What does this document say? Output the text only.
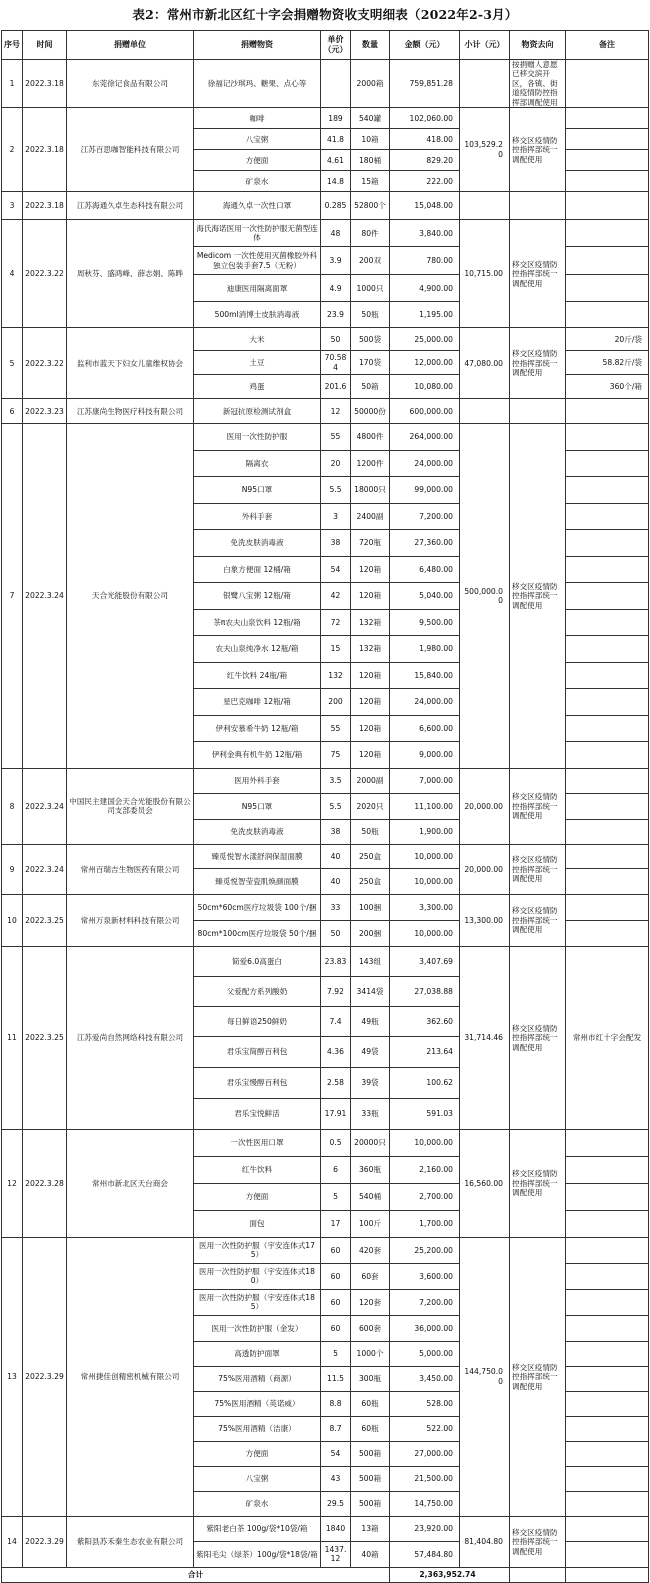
表2：常州市新北区红十字会捐赠物资收支明细表（2022年2-3月）
序号	时间	捐赠单位	捐赠物资	单价（元）	数量	金额（元）	小计（元）	物资去向	备注
1	2022.3.18	东莞徐记食品有限公司	徐福记沙琪玛、糖果、点心等		2000箱	759,851.28		按捐赠人意愿已移交滨开区，各镇、街道疫情防控指挥部调配使用	
2	2022.3.18	江苏百思咖智能科技有限公司	咖啡	189	540罐	102,060.00	103,529.20	移交区疫情防控指挥部统一调配使用	
			八宝粥	41.8	10箱	418.00			
			方便面	4.61	180桶	829.20			
			矿泉水	14.8	15箱	222.00			
3	2022.3.18	江苏海通久卓生态科技有限公司	海通久卓一次性口罩	0.285	52800个	15,048.00			
4	2022.3.22	周秋芬、盛鸿峰、薛志娟、陈晔	海氏海诺医用一次性防护服无菌型连体	48	80件	3,840.00	10,715.00	移交区疫情防控指挥部统一调配使用	
			Medicom 一次性使用灭菌橡胶外科独立包装手套7.5（无粉）	3.9	200双	780.00			
			迪康医用隔离面罩	4.9	1000只	4,900.00			
			500ml消博士皮肤消毒液	23.9	50瓶	1,195.00			
5	2022.3.22	监利市蓝天下妇女儿童维权协会	大米	50	500袋	25,000.00	47,080.00	移交区疫情防控指挥部统一调配使用	20斤/袋
			土豆	70.584	170袋	12,000.00			58.82斤/袋
			鸡蛋	201.6	50箱	10,080.00			360个/箱
6	2022.3.23	江苏康尚生物医疗科技有限公司	新冠抗原检测试剂盒	12	50000份	600,000.00			
7	2022.3.24	天合光能股份有限公司	医用一次性防护服	55	4800件	264,000.00	500,000.00	移交区疫情防控指挥部统一调配使用	
			隔离衣	20	1200件	24,000.00			
			N95口罩	5.5	18000只	99,000.00			
			外科手套	3	2400副	7,200.00			
			免洗皮肤消毒液	38	720瓶	27,360.00			
			白象方便面 12桶/箱	54	120箱	6,480.00			
			银鹭八宝粥 12瓶/箱	42	120箱	5,040.00			
			茶π农夫山泉饮料 12瓶/箱	72	132箱	9,500.00			
			农夫山泉纯净水 12瓶/箱	15	132箱	1,980.00			
			红牛饮料 24瓶/箱	132	120箱	15,840.00			
			星巴克咖啡 12瓶/箱	200	120箱	24,000.00			
			伊利安慕希牛奶 12瓶/箱	55	120箱	6,600.00			
			伊利金典有机牛奶 12瓶/箱	75	120箱	9,000.00			
8	2022.3.24	中国民主建国会天合光能股份有限公司支部委员会	医用外科手套	3.5	2000副	7,000.00	20,000.00	移交区疫情防控指挥部统一调配使用	
			N95口罩	5.5	2020只	11,100.00			
			免洗皮肤消毒液	38	50瓶	1,900.00			
9	2022.3.24	常州百瑞吉生物医药有限公司	臻觅悦智水漾舒润保湿面膜	40	250盒	10,000.00	20,000.00	移交区疫情防控指挥部统一调配使用	
			臻觅悦智莹瓷肌焕颜面膜	40	250盒	10,000.00			
10	2022.3.25	常州万泉新材料科技有限公司	50cm*60cm医疗垃圾袋 100个/捆	33	100捆	3,300.00	13,300.00	移交区疫情防控指挥部统一调配使用	
			80cm*100cm医疗垃圾袋 50个/捆	50	200捆	10,000.00			
11	2022.3.25	江苏爱尚自然网络科技有限公司	简爱6.0高蛋白	23.83	143组	3,407.69	31,714.46	移交区疫情防控指挥部统一调配使用	常州市红十字会配发
			父爱配方系列酸奶	7.92	3414袋	27,038.88			
			每日鲜语250鲜奶	7.4	49瓶	362.60			
			君乐宝简醇百利包	4.36	49袋	213.64			
			君乐宝慢醇百利包	2.58	39袋	100.62			
			君乐宝悦鲜活	17.91	33瓶	591.03			
12	2022.3.28	常州市新北区天台商会	一次性医用口罩	0.5	20000只	10,000.00	16,560.00	移交区疫情防控指挥部统一调配使用	
			红牛饮料	6	360瓶	2,160.00			
			方便面	5	540桶	2,700.00			
			面包	17	100斤	1,700.00			
13	2022.3.29	常州捷佳创精密机械有限公司	医用一次性防护服（宇安连体式175）	60	420套	25,200.00	144,750.00	移交区疫情防控指挥部统一调配使用	
			医用一次性防护服（宇安连体式180）	60	60套	3,600.00			
			医用一次性防护服（宇安连体式185）	60	120套	7,200.00			
			医用一次性防护服（金发）	60	600套	36,000.00			
			高透防护面罩	5	1000个	5,000.00			
			75%医用酒精（商源）	11.5	300瓶	3,450.00			
			75%医用酒精（英诺威）	8.8	60瓶	528.00			
			75%医用酒精（洁康）	8.7	60瓶	522.00			
			方便面	54	500箱	27,000.00			
			八宝粥	43	500箱	21,500.00			
			矿泉水	29.5	500箱	14,750.00			
14	2022.3.29	紫阳县苏禾秦生态农业有限公司	紫阳老白茶 100g/袋*10袋/箱	1840	13箱	23,920.00	81,404.80	移交区疫情防控指挥部统一调配使用	
			紫阳毛尖（绿茶）100g/袋*18袋/箱	1437.12	40箱	57,484.80			
合计						2,363,952.74			
